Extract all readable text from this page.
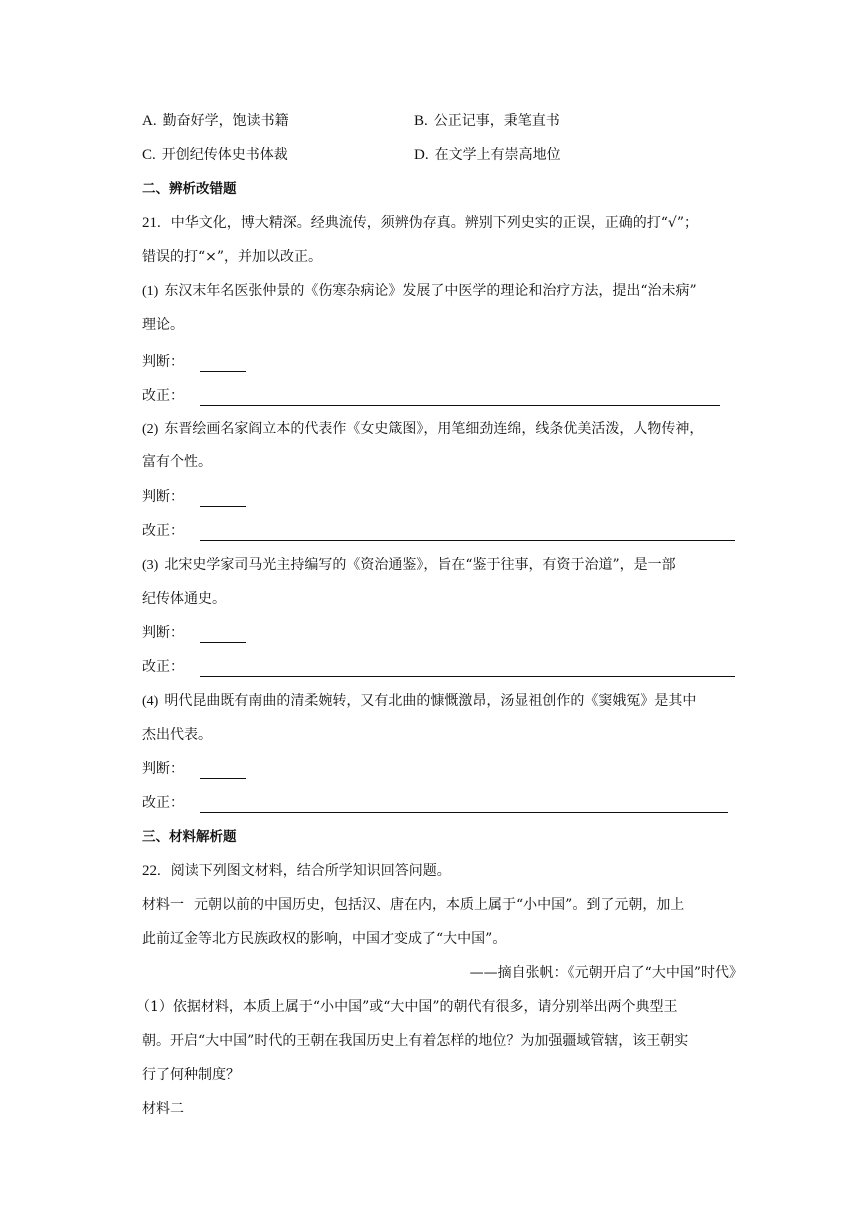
A. 勤奋好学，饱读书籍	B. 公正记事，秉笔直书
C. 开创纪传体史书体裁	D. 在文学上有崇高地位
二、辨析改错题
21. 中华文化，博大精深。经典流传，须辨伪存真。辨别下列史实的正误，正确的打“√”；
错误的打“×”，并加以改正。
(1) 东汉末年名医张仲景的《伤寒杂病论》发展了中医学的理论和治疗方法，提出“治未病”
理论。
判断：
改正：
(2) 东晋绘画名家阎立本的代表作《女史箴图》，用笔细劲连绵，线条优美活泼，人物传神，
富有个性。
判断：
改正：
(3) 北宋史学家司马光主持编写的《资治通鉴》，旨在“鉴于往事，有资于治道”，是一部
纪传体通史。
判断：
改正：
(4) 明代昆曲既有南曲的清柔婉转，又有北曲的慷慨激昂，汤显祖创作的《窦娥冤》是其中
杰出代表。
判断：
改正：
三、材料解析题
22. 阅读下列图文材料，结合所学知识回答问题。
材料一 元朝以前的中国历史，包括汉、唐在内，本质上属于“小中国”。到了元朝，加上
此前辽金等北方民族政权的影响，中国才变成了“大中国”。
——摘自张帆：《元朝开启了“大中国”时代》
（1）依据材料，本质上属于“小中国”或“大中国”的朝代有很多，请分别举出两个典型王
朝。开启“大中国”时代的王朝在我国历史上有着怎样的地位？为加强疆域管辖，该王朝实
行了何种制度？
材料二
